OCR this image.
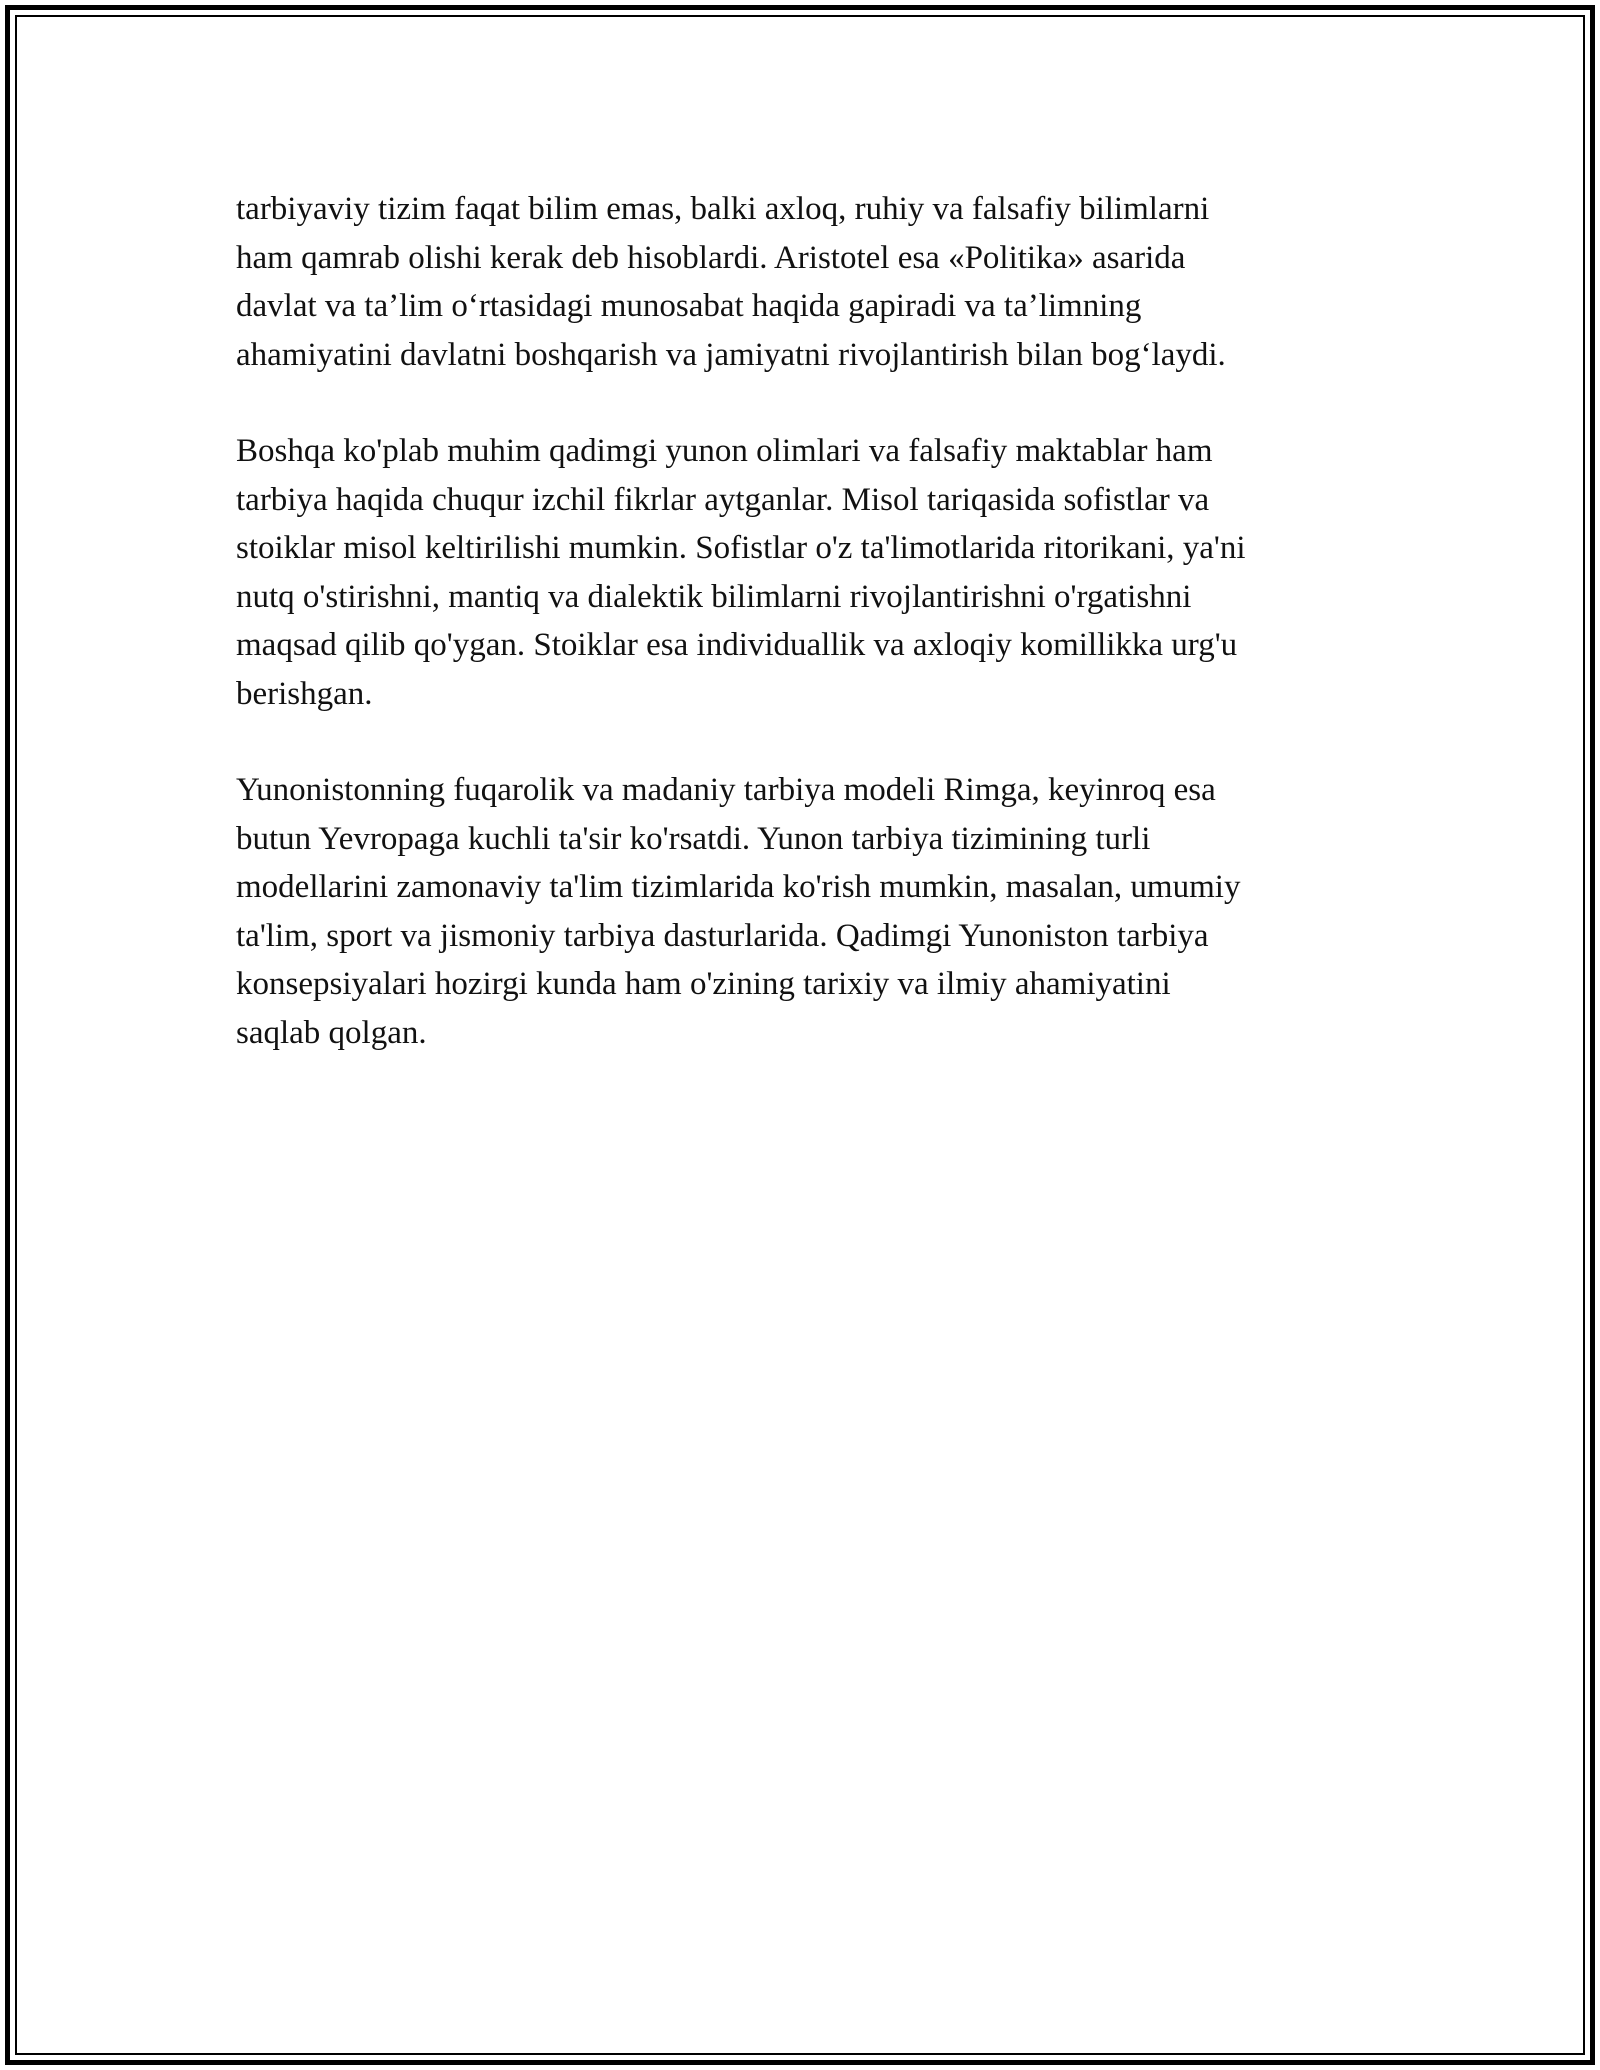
tarbiyaviy tizim faqat bilim emas, balki axloq, ruhiy va falsafiy bilimlarni
ham qamrab olishi kerak deb hisoblardi. Aristotel esa «Politika» asarida
davlat va ta’lim o‘rtasidagi munosabat haqida gapiradi va ta’limning
ahamiyatini davlatni boshqarish va jamiyatni rivojlantirish bilan bog‘laydi.

Boshqa ko'plab muhim qadimgi yunon olimlari va falsafiy maktablar ham
tarbiya haqida chuqur izchil fikrlar aytganlar. Misol tariqasida sofistlar va
stoiklar misol keltirilishi mumkin. Sofistlar o'z ta'limotlarida ritorikani, ya'ni
nutq o'stirishni, mantiq va dialektik bilimlarni rivojlantirishni o'rgatishni
maqsad qilib qo'ygan. Stoiklar esa individuallik va axloqiy komillikka urg'u
berishgan.

Yunonistonning fuqarolik va madaniy tarbiya modeli Rimga, keyinroq esa
butun Yevropaga kuchli ta'sir ko'rsatdi. Yunon tarbiya tizimining turli
modellarini zamonaviy ta'lim tizimlarida ko'rish mumkin, masalan, umumiy
ta'lim, sport va jismoniy tarbiya dasturlarida. Qadimgi Yunoniston tarbiya
konsepsiyalari hozirgi kunda ham o'zining tarixiy va ilmiy ahamiyatini
saqlab qolgan.
